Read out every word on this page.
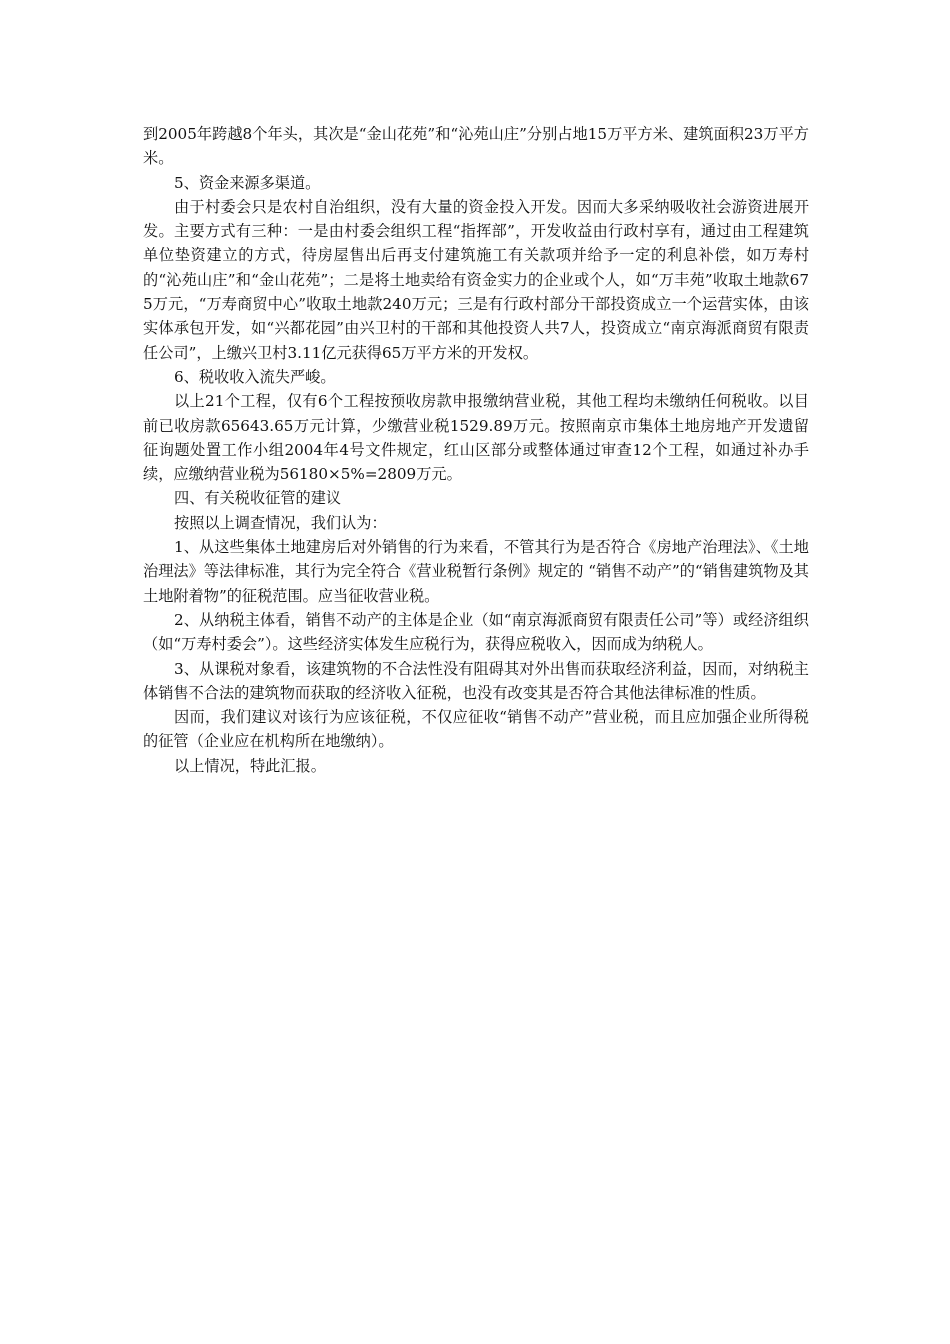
到2005年跨越8个年头，其次是“金山花苑”和“沁苑山庄”分别占地15万平方米、建筑面积23万平方米。

5、资金来源多渠道。

由于村委会只是农村自治组织，没有大量的资金投入开发。因而大多采纳吸收社会游资进展开发。主要方式有三种：一是由村委会组织工程“指挥部”，开发收益由行政村享有，通过由工程建筑单位垫资建立的方式，待房屋售出后再支付建筑施工有关款项并给予一定的利息补偿，如万寿村的“沁苑山庄”和“金山花苑”；二是将土地卖给有资金实力的企业或个人，如“万丰苑”收取土地款675万元，“万寿商贸中心”收取土地款240万元；三是有行政村部分干部投资成立一个运营实体，由该实体承包开发，如“兴都花园”由兴卫村的干部和其他投资人共7人，投资成立“南京海派商贸有限责任公司”，上缴兴卫村3.11亿元获得65万平方米的开发权。

6、税收收入流失严峻。

以上21个工程，仅有6个工程按预收房款申报缴纳营业税，其他工程均未缴纳任何税收。以目前已收房款65643.65万元计算，少缴营业税1529.89万元。按照南京市集体土地房地产开发遗留征询题处置工作小组2004年4号文件规定，红山区部分或整体通过审查12个工程，如通过补办手续，应缴纳营业税为56180×5%=2809万元。

四、有关税收征管的建议

按照以上调查情况，我们认为：

1、从这些集体土地建房后对外销售的行为来看，不管其行为是否符合《房地产治理法》、《土地治理法》等法律标准，其行为完全符合《营业税暂行条例》规定的 “销售不动产”的“销售建筑物及其土地附着物”的征税范围。应当征收营业税。

2、从纳税主体看，销售不动产的主体是企业（如“南京海派商贸有限责任公司”等）或经济组织（如“万寿村委会”）。这些经济实体发生应税行为，获得应税收入，因而成为纳税人。

3、从课税对象看，该建筑物的不合法性没有阻碍其对外出售而获取经济利益，因而，对纳税主体销售不合法的建筑物而获取的经济收入征税，也没有改变其是否符合其他法律标准的性质。

因而，我们建议对该行为应该征税，不仅应征收“销售不动产”营业税，而且应加强企业所得税的征管（企业应在机构所在地缴纳）。

以上情况，特此汇报。
